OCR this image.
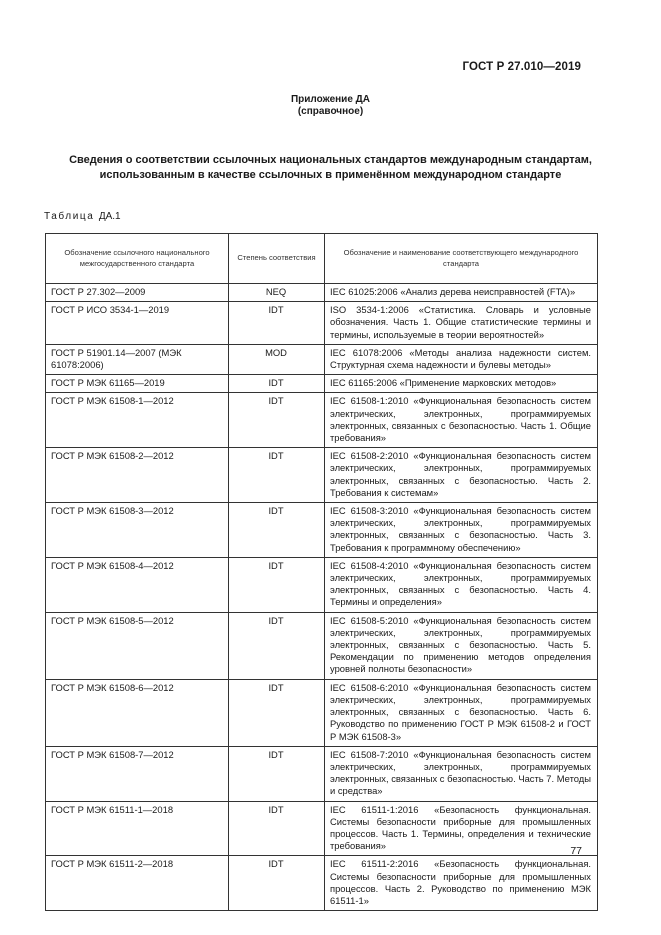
ГОСТ Р 27.010—2019
Приложение ДА
(справочное)
Сведения о соответствии ссылочных национальных стандартов международным стандартам,
использованным в качестве ссылочных в применённом международном стандарте
Таблица ДА.1
Обозначение ссылочного национального межгосударственного стандарта	Степень соответствия	Обозначение и наименование соответствующего международного стандарта
ГОСТ Р 27.302—2009	NEQ	IEC 61025:2006 «Анализ дерева неисправностей (FTA)»
ГОСТ Р ИСО 3534-1—2019	IDT	ISO 3534-1:2006 «Статистика. Словарь и условные обозначения. Часть 1. Общие статистические термины и термины, используемые в теории вероятностей»
ГОСТ Р 51901.14—2007 (МЭК 61078:2006)	MOD	IEC 61078:2006 «Методы анализа надежности систем. Структурная схема надежности и булевы методы»
ГОСТ Р МЭК 61165—2019	IDT	IEC 61165:2006 «Применение марковских методов»
ГОСТ Р МЭК 61508-1—2012	IDT	IEC 61508-1:2010 «Функциональная безопасность систем электрических, электронных, программируемых электронных, связанных с безопасностью. Часть 1. Общие требования»
ГОСТ Р МЭК 61508-2—2012	IDT	IEC 61508-2:2010 «Функциональная безопасность систем электрических, электронных, программируемых электронных, связанных с безопасностью. Часть 2. Требования к системам»
ГОСТ Р МЭК 61508-3—2012	IDT	IEC 61508-3:2010 «Функциональная безопасность систем электрических, электронных, программируемых электронных, связанных с безопасностью. Часть 3. Требования к программному обеспечению»
ГОСТ Р МЭК 61508-4—2012	IDT	IEC 61508-4:2010 «Функциональная безопасность систем электрических, электронных, программируемых электронных, связанных с безопасностью. Часть 4. Термины и определения»
ГОСТ Р МЭК 61508-5—2012	IDT	IEC 61508-5:2010 «Функциональная безопасность систем электрических, электронных, программируемых электронных, связанных с безопасностью. Часть 5. Рекомендации по применению методов определения уровней полноты безопасности»
ГОСТ Р МЭК 61508-6—2012	IDT	IEC 61508-6:2010 «Функциональная безопасность систем электрических, электронных, программируемых электронных, связанных с безопасностью. Часть 6. Руководство по применению ГОСТ Р МЭК 61508-2 и ГОСТ Р МЭК 61508-3»
ГОСТ Р МЭК 61508-7—2012	IDT	IEC 61508-7:2010 «Функциональная безопасность систем электрических, электронных, программируемых электронных, связанных с безопасностью. Часть 7. Методы и средства»
ГОСТ Р МЭК 61511-1—2018	IDT	IEC 61511-1:2016 «Безопасность функциональная. Системы безопасности приборные для промышленных процессов. Часть 1. Термины, определения и технические требования»
ГОСТ Р МЭК 61511-2—2018	IDT	IEC 61511-2:2016 «Безопасность функциональная. Системы безопасности приборные для промышленных процессов. Часть 2. Руководство по применению МЭК 61511-1»
77
